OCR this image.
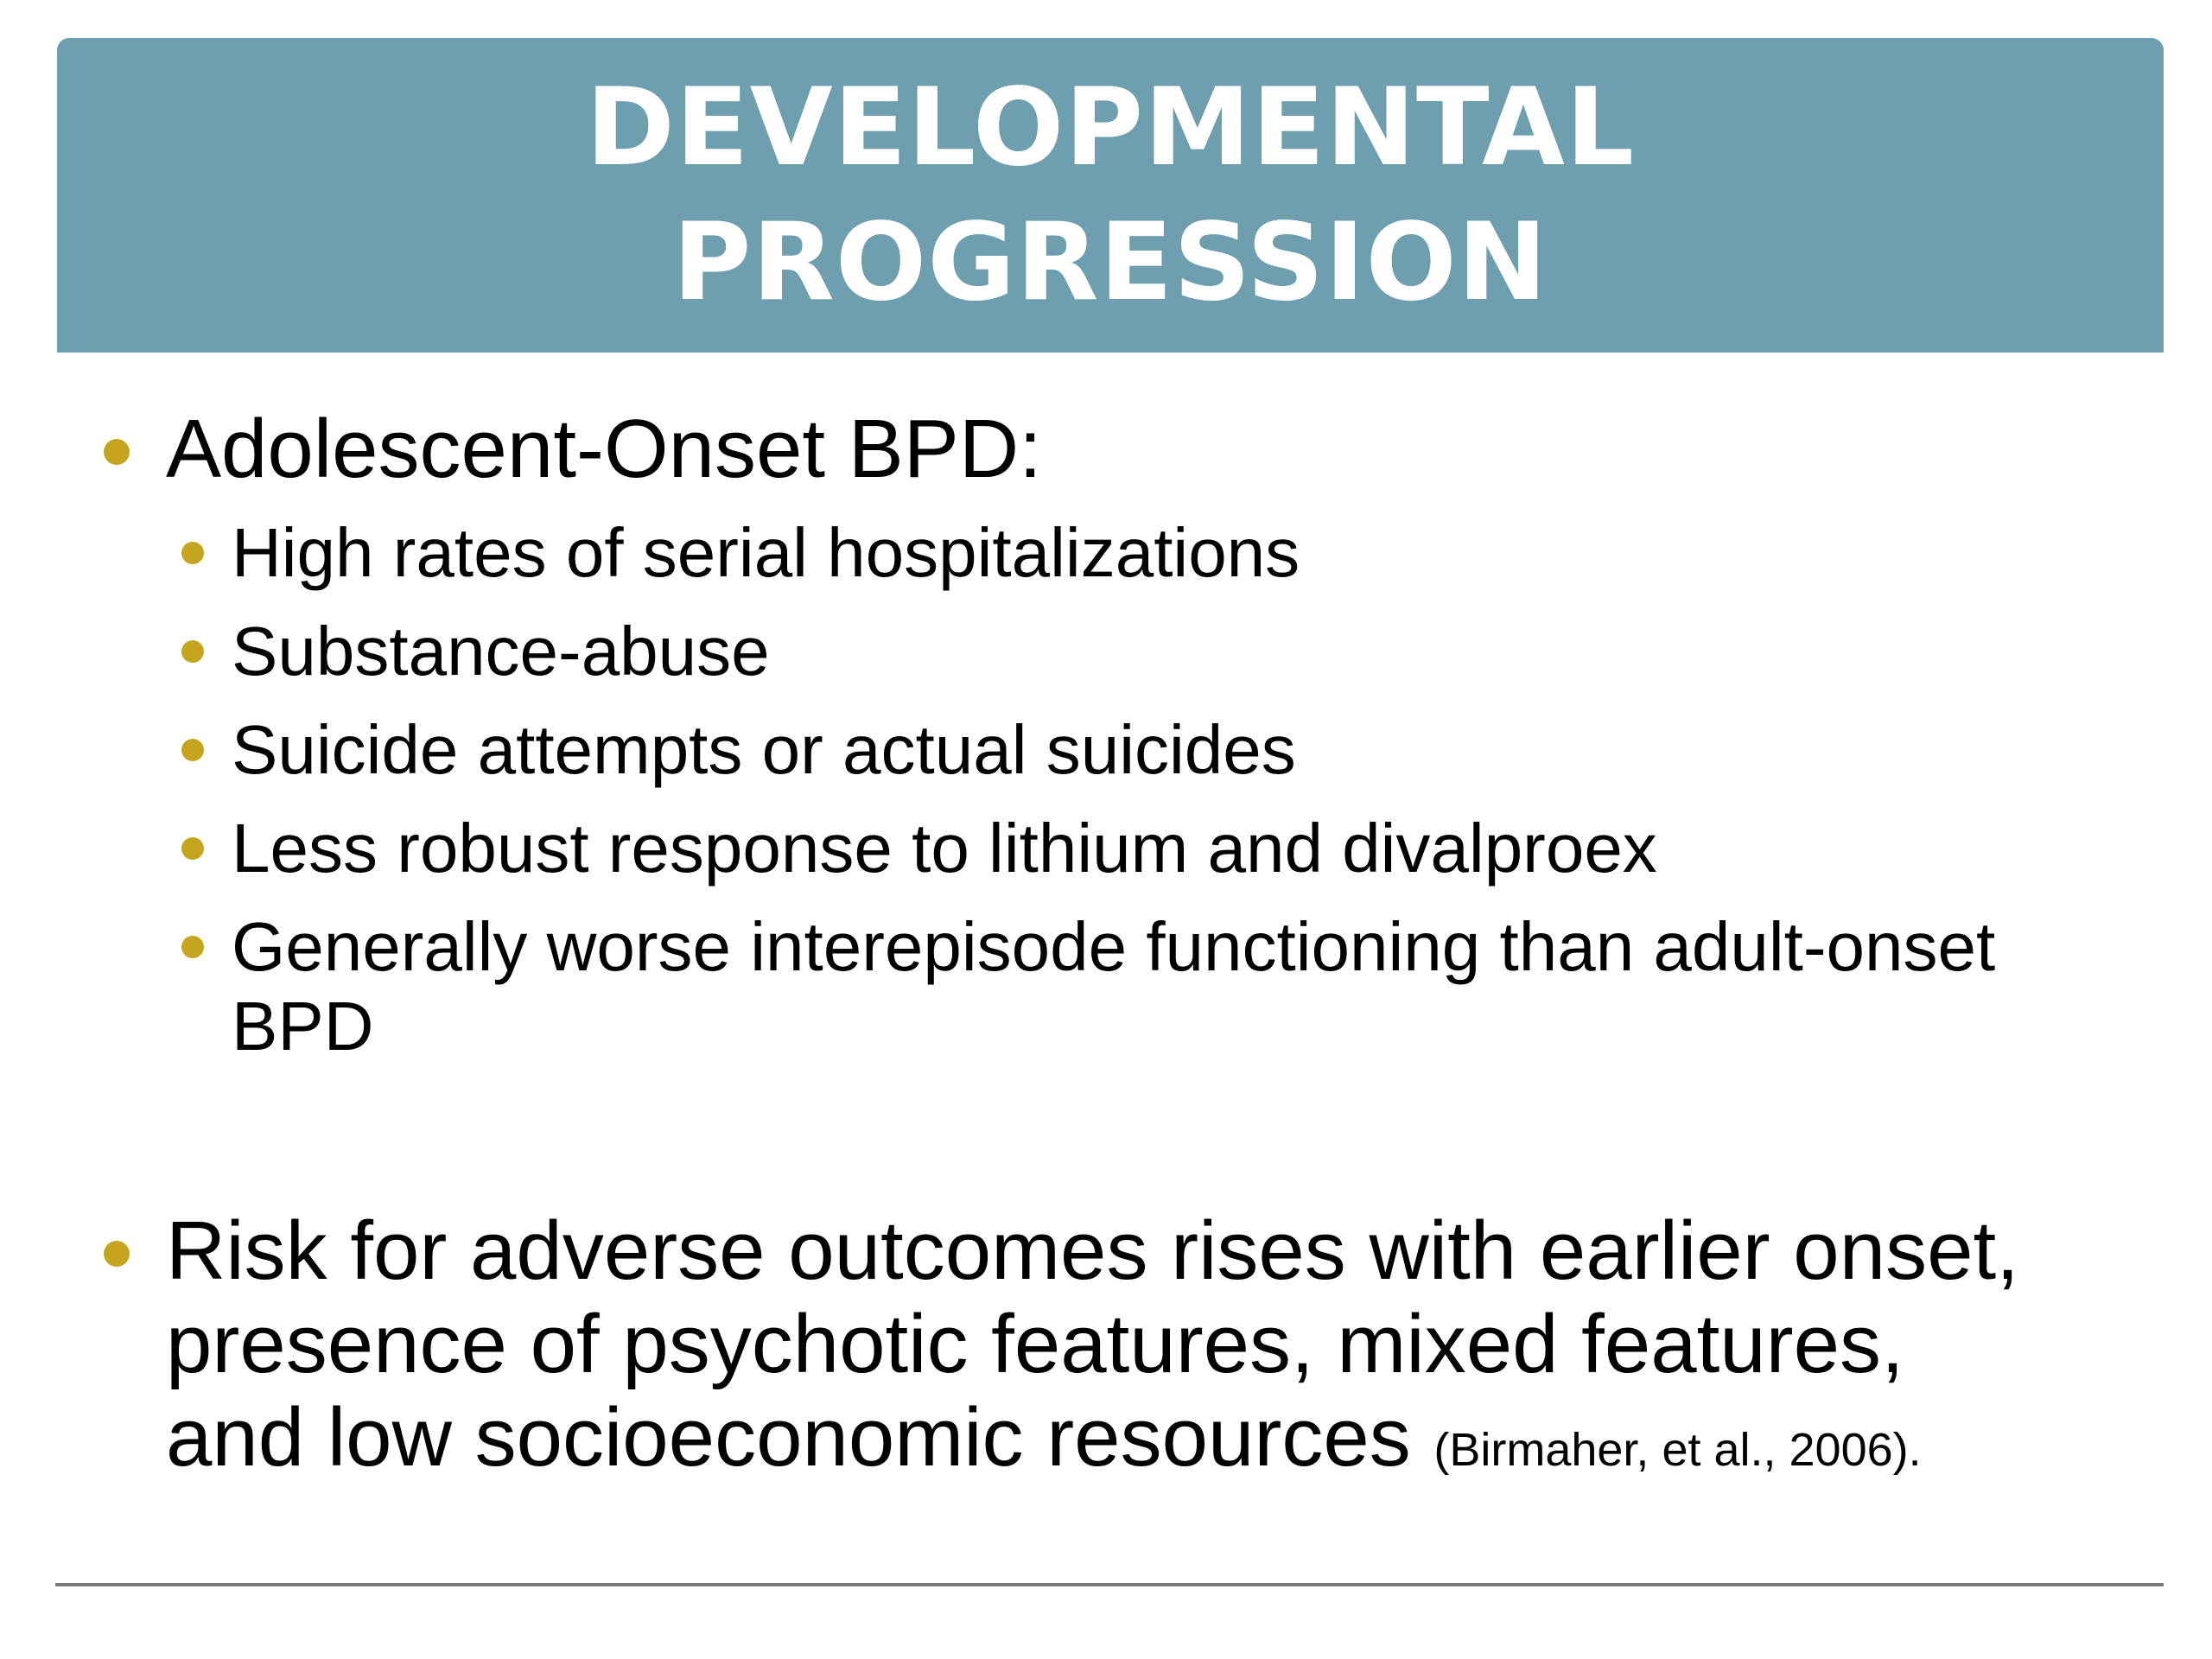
DEVELOPMENTAL
PROGRESSION
Adolescent-Onset BPD:
High rates of serial hospitalizations
Substance-abuse
Suicide attempts or actual suicides
Less robust response to lithium and divalproex
Generally worse interepisode functioning than adult-onset
BPD
Risk for adverse outcomes rises with earlier onset,
presence of psychotic features, mixed features,
and low socioeconomic resources (Birmaher, et al., 2006).
